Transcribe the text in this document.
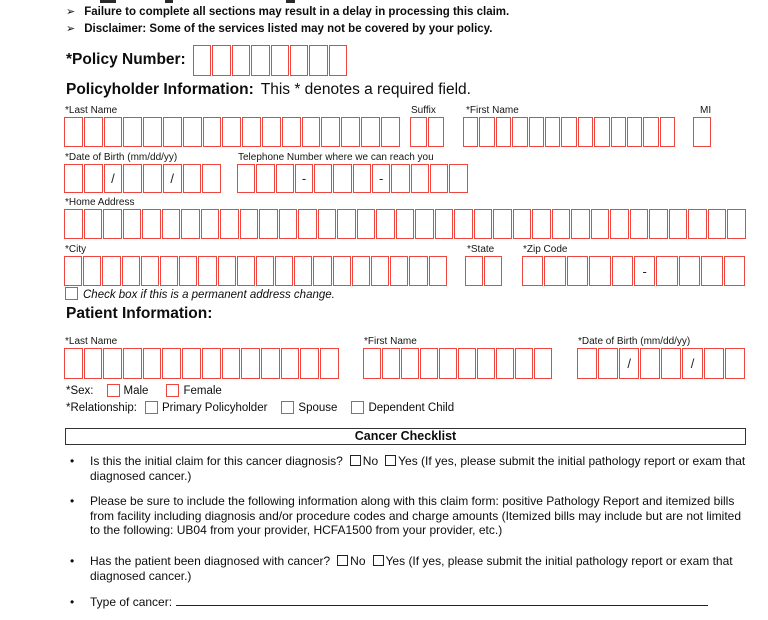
➢ Failure to complete all sections may result in a delay in processing this claim.
➢ Disclaimer: Some of the services listed may not be covered by your policy.
*Policy Number:
Policyholder Information: This * denotes a required field.
*Last Name	Suffix	*First Name	MI
*Date of Birth (mm/dd/yy)	Telephone Number where we can reach you
/	/	-	-
*Home Address
*City	*State	*Zip Code
-
Check box if this is a permanent address change.
Patient Information:
*Last Name	*First Name	*Date of Birth (mm/dd/yy)
/	/
*Sex:	Male	Female
*Relationship: Primary Policyholder	Spouse	Dependent Child
Cancer Checklist
• Is this the initial claim for this cancer diagnosis? No Yes (If yes, please submit the initial pathology report or exam that diagnosed cancer.)
• Please be sure to include the following information along with this claim form: positive Pathology Report and itemized bills from facility including diagnosis and/or procedure codes and charge amounts (Itemized bills may include but are not limited to the following: UB04 from your provider, HCFA1500 from your provider, etc.)
• Has the patient been diagnosed with cancer? No Yes (If yes, please submit the initial pathology report or exam that diagnosed cancer.)
• Type of cancer:
